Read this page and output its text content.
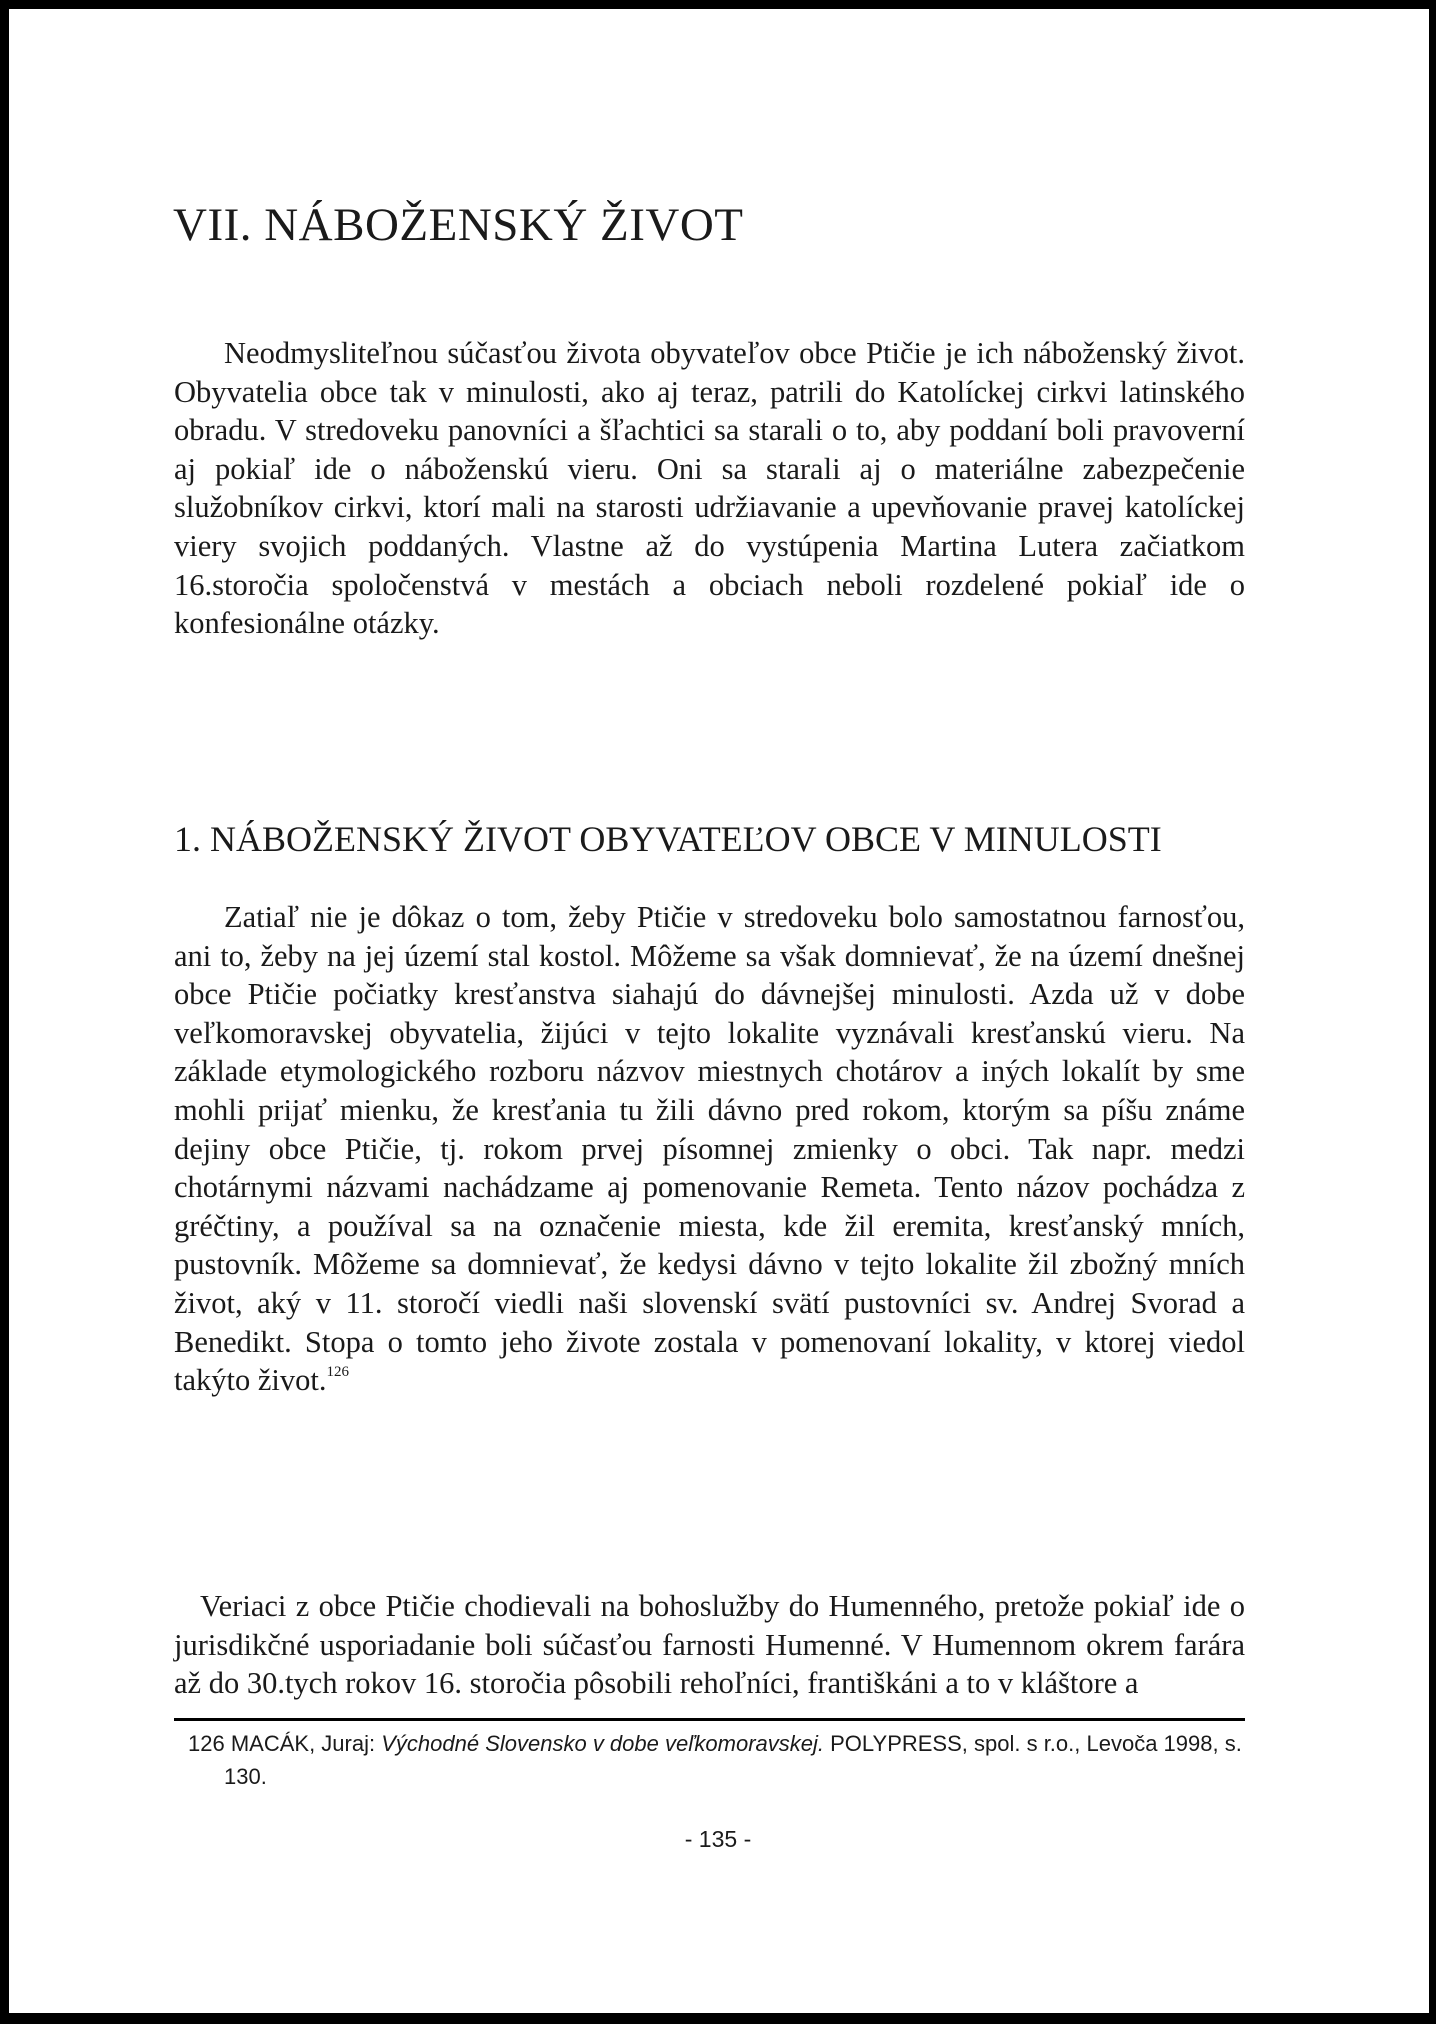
VII. NÁBOŽENSKÝ ŽIVOT

Neodmysliteľnou súčasťou života obyvateľov obce Ptičie je ich náboženský život. Obyvatelia obce tak v minulosti, ako aj teraz, patrili do Katolíckej cirkvi latinského obradu. V stredoveku panovníci a šľachtici sa starali o to, aby poddaní boli pravoverní aj pokiaľ ide o náboženskú vieru. Oni sa starali aj o materiálne zabezpečenie služobníkov cirkvi, ktorí mali na starosti udržiavanie a upevňovanie pravej katolíckej viery svojich poddaných. Vlastne až do vystúpenia Martina Lutera začiatkom 16.storočia spoločenstvá v mestách a obciach neboli rozdelené pokiaľ ide o konfesionálne otázky.

1. NÁBOŽENSKÝ ŽIVOT OBYVATEĽOV OBCE V MINULOSTI

Zatiaľ nie je dôkaz o tom, žeby Ptičie v stredoveku bolo samostatnou farnosťou, ani to, žeby na jej území stal kostol. Môžeme sa však domnievať, že na území dnešnej obce Ptičie počiatky kresťanstva siahajú do dávnejšej minulosti. Azda už v dobe veľkomoravskej obyvatelia, žijúci v tejto lokalite vyznávali kresťanskú vieru. Na základe etymologického rozboru názvov miestnych chotárov a iných lokalít by sme mohli prijať mienku, že kresťania tu žili dávno pred rokom, ktorým sa píšu známe dejiny obce Ptičie, tj. rokom prvej písomnej zmienky o obci. Tak napr. medzi chotárnymi názvami nachádzame aj pomenovanie Remeta. Tento názov pochádza z gréčtiny, a používal sa na označenie miesta, kde žil eremita, kresťanský mních, pustovník. Môžeme sa domnievať, že kedysi dávno v tejto lokalite žil zbožný mních život, aký v 11. storočí viedli naši slovenskí svätí pustovníci sv. Andrej Svorad a Benedikt. Stopa o tomto jeho živote zostala v pomenovaní lokality, v ktorej viedol takýto život.$^{126}$

Veriaci z obce Ptičie chodievali na bohoslužby do Humenného, pretože pokiaľ ide o jurisdikčné usporiadanie boli súčasťou farnosti Humenné. V Humennom okrem farára až do 30.tych rokov 16. storočia pôsobili rehoľníci, františkáni a to v kláštore a

126 MACÁK, Juraj: Východné Slovensko v dobe veľkomoravskej. POLYPRESS, spol. s r.o., Levoča 1998, s. 130.

- 135 -
